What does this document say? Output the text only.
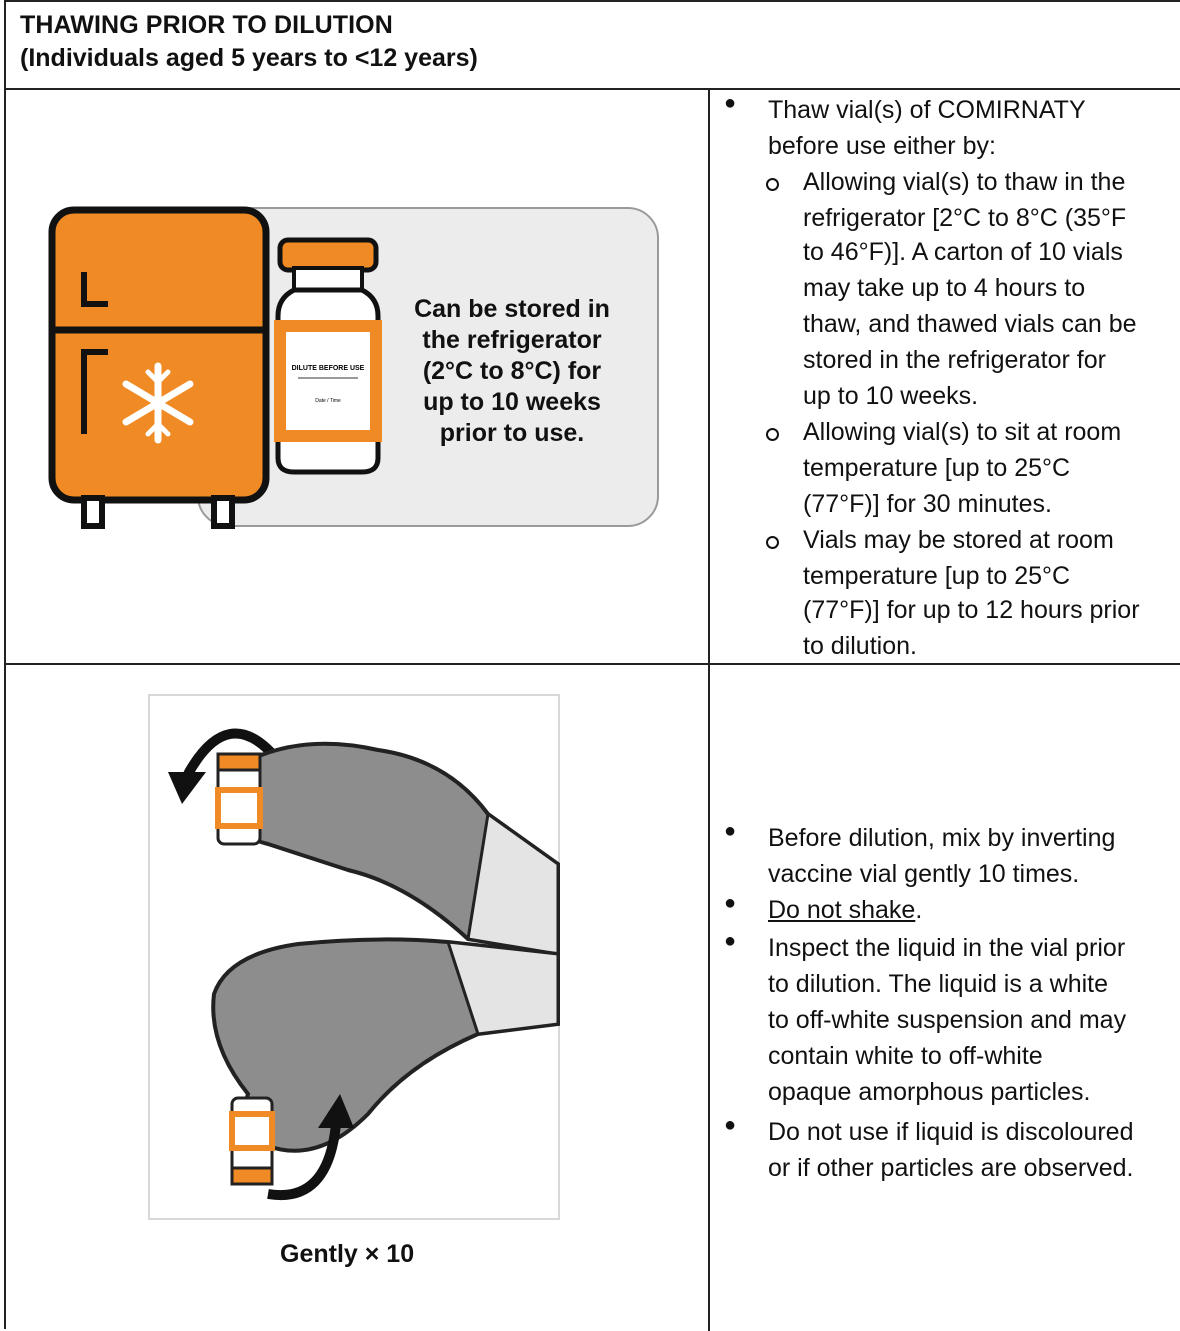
THAWING PRIOR TO DILUTION
(Individuals aged 5 years to <12 years)
DILUTE BEFORE USE
Date / Time
Can be stored in
the refrigerator
(2°C to 8°C) for
up to 10 weeks
prior to use.
● Thaw vial(s) of COMIRNATY
before use either by:
Allowing vial(s) to thaw in the
refrigerator [2°C to 8°C (35°F
to 46°F)]. A carton of 10 vials
may take up to 4 hours to
thaw, and thawed vials can be
stored in the refrigerator for
up to 10 weeks.
Allowing vial(s) to sit at room
temperature [up to 25°C
(77°F)] for 30 minutes.
Vials may be stored at room
temperature [up to 25°C
(77°F)] for up to 12 hours prior
to dilution.
Gently × 10
● Before dilution, mix by inverting
vaccine vial gently 10 times.
● Do not shake.
● Inspect the liquid in the vial prior
to dilution. The liquid is a white
to off-white suspension and may
contain white to off-white
opaque amorphous particles.
● Do not use if liquid is discoloured
or if other particles are observed.
